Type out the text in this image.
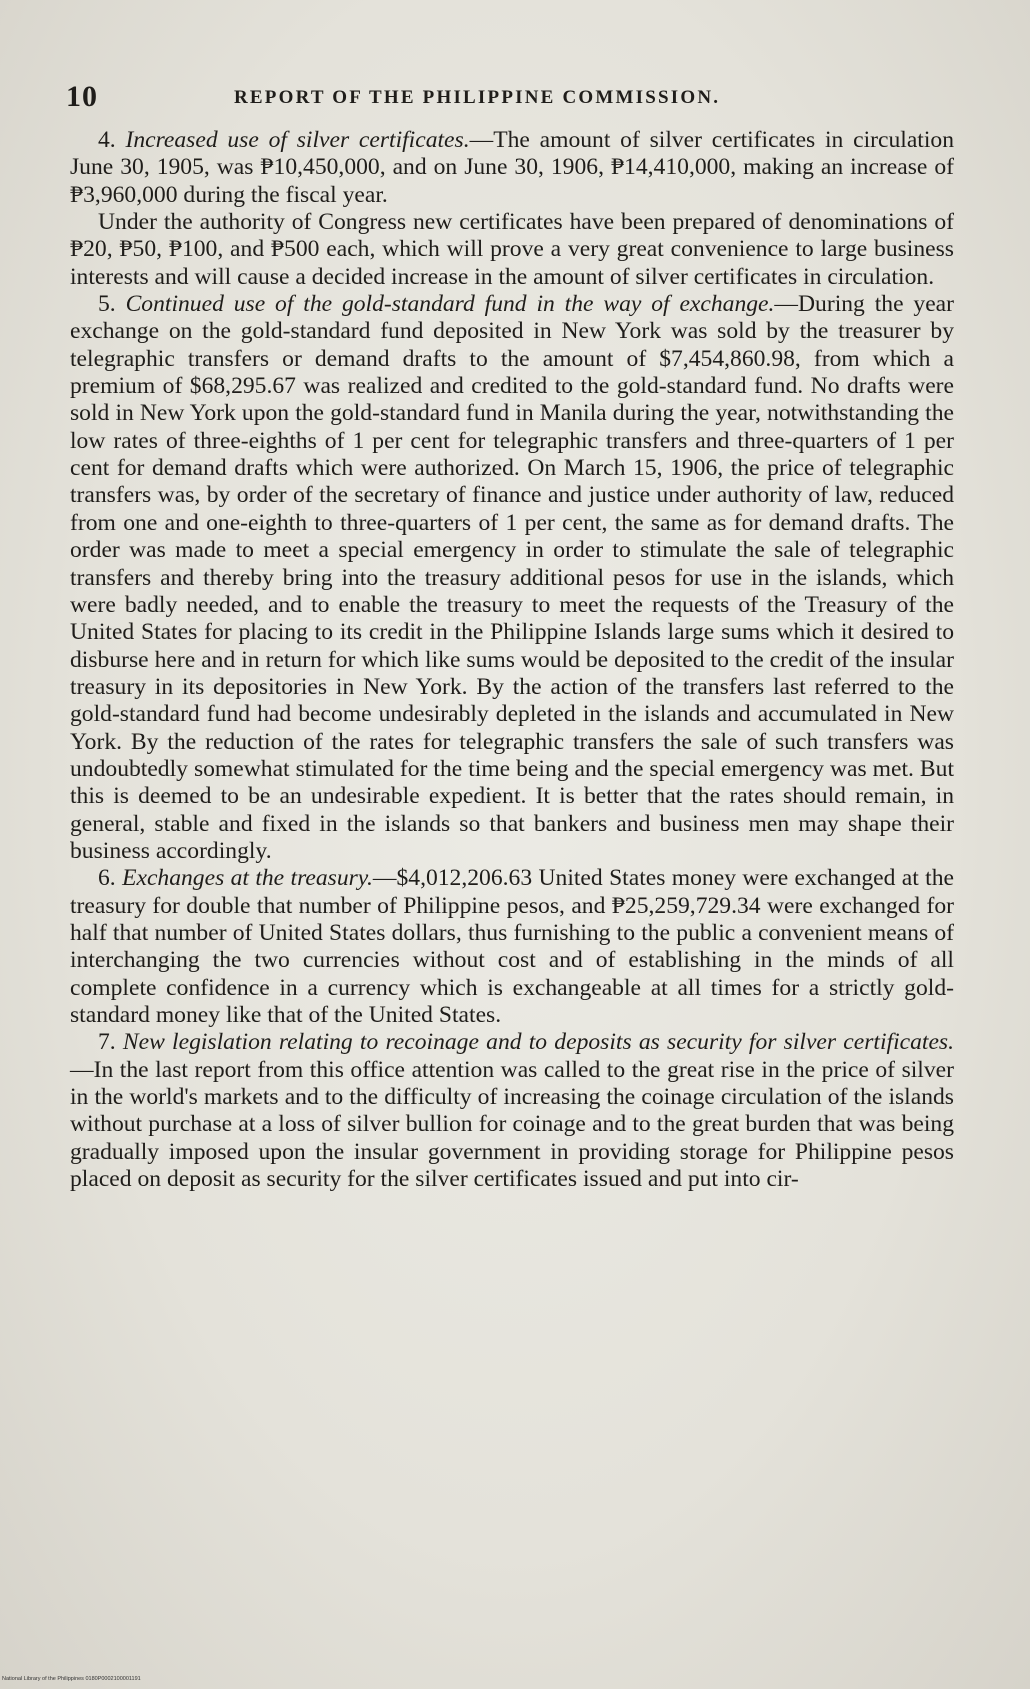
10	REPORT OF THE PHILIPPINE COMMISSION.

4. Increased use of silver certificates.—The amount of silver certificates in circulation June 30, 1905, was ₱10,450,000, and on June 30, 1906, ₱14,410,000, making an increase of ₱3,960,000 during the fiscal year.

Under the authority of Congress new certificates have been prepared of denominations of ₱20, ₱50, ₱100, and ₱500 each, which will prove a very great convenience to large business interests and will cause a decided increase in the amount of silver certificates in circulation.

5. Continued use of the gold-standard fund in the way of exchange.—During the year exchange on the gold-standard fund deposited in New York was sold by the treasurer by telegraphic transfers or demand drafts to the amount of $7,454,860.98, from which a premium of $68,295.67 was realized and credited to the gold-standard fund. No drafts were sold in New York upon the gold-standard fund in Manila during the year, notwithstanding the low rates of three-eighths of 1 per cent for telegraphic transfers and three-quarters of 1 per cent for demand drafts which were authorized. On March 15, 1906, the price of telegraphic transfers was, by order of the secretary of finance and justice under authority of law, reduced from one and one-eighth to three-quarters of 1 per cent, the same as for demand drafts. The order was made to meet a special emergency in order to stimulate the sale of telegraphic transfers and thereby bring into the treasury additional pesos for use in the islands, which were badly needed, and to enable the treasury to meet the requests of the Treasury of the United States for placing to its credit in the Philippine Islands large sums which it desired to disburse here and in return for which like sums would be deposited to the credit of the insular treasury in its depositories in New York. By the action of the transfers last referred to the gold-standard fund had become undesirably depleted in the islands and accumulated in New York. By the reduction of the rates for telegraphic transfers the sale of such transfers was undoubtedly somewhat stimulated for the time being and the special emergency was met. But this is deemed to be an undesirable expedient. It is better that the rates should remain, in general, stable and fixed in the islands so that bankers and business men may shape their business accordingly.

6. Exchanges at the treasury.—$4,012,206.63 United States money were exchanged at the treasury for double that number of Philippine pesos, and ₱25,259,729.34 were exchanged for half that number of United States dollars, thus furnishing to the public a convenient means of interchanging the two currencies without cost and of establishing in the minds of all complete confidence in a currency which is exchangeable at all times for a strictly gold-standard money like that of the United States.

7. New legislation relating to recoinage and to deposits as security for silver certificates.—In the last report from this office attention was called to the great rise in the price of silver in the world's markets and to the difficulty of increasing the coinage circulation of the islands without purchase at a loss of silver bullion for coinage and to the great burden that was being gradually imposed upon the insular government in providing storage for Philippine pesos placed on deposit as security for the silver certificates issued and put into cir-

National Library of the Philippines 0180P0002100001191
